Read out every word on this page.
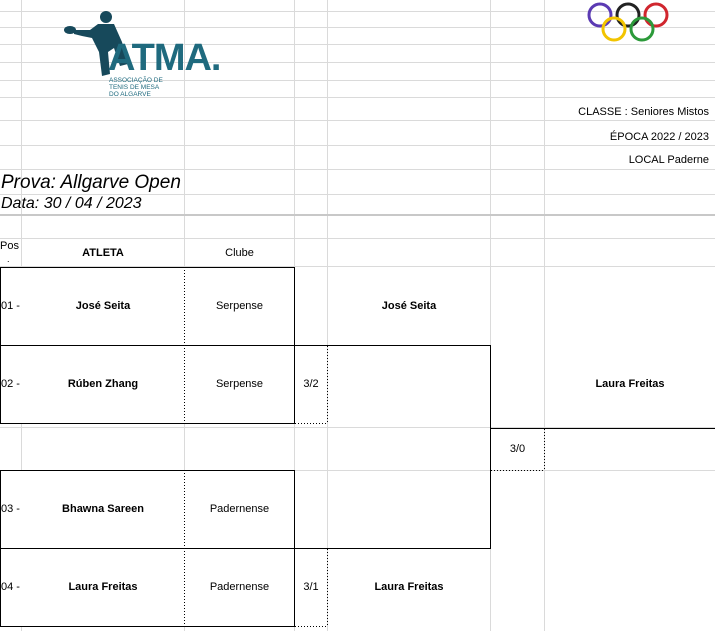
ATMA.
ASSOCIAÇÃO DE
TENIS DE MESA
DO ALGARVE
CLASSE : Seniores Mistos
ÉPOCA 2022 / 2023
LOCAL Paderne
Prova: Allgarve Open
Data: 30 / 04 / 2023
Pos
.	ATLETA	Clube
01 -	José Seita	Serpense
02 -	Rúben Zhang	Serpense
03 -	Bhawna Sareen	Padernense
04 -	Laura Freitas	Padernense
José Seita
3/2	Laura Freitas
3/0
3/1	Laura Freitas
